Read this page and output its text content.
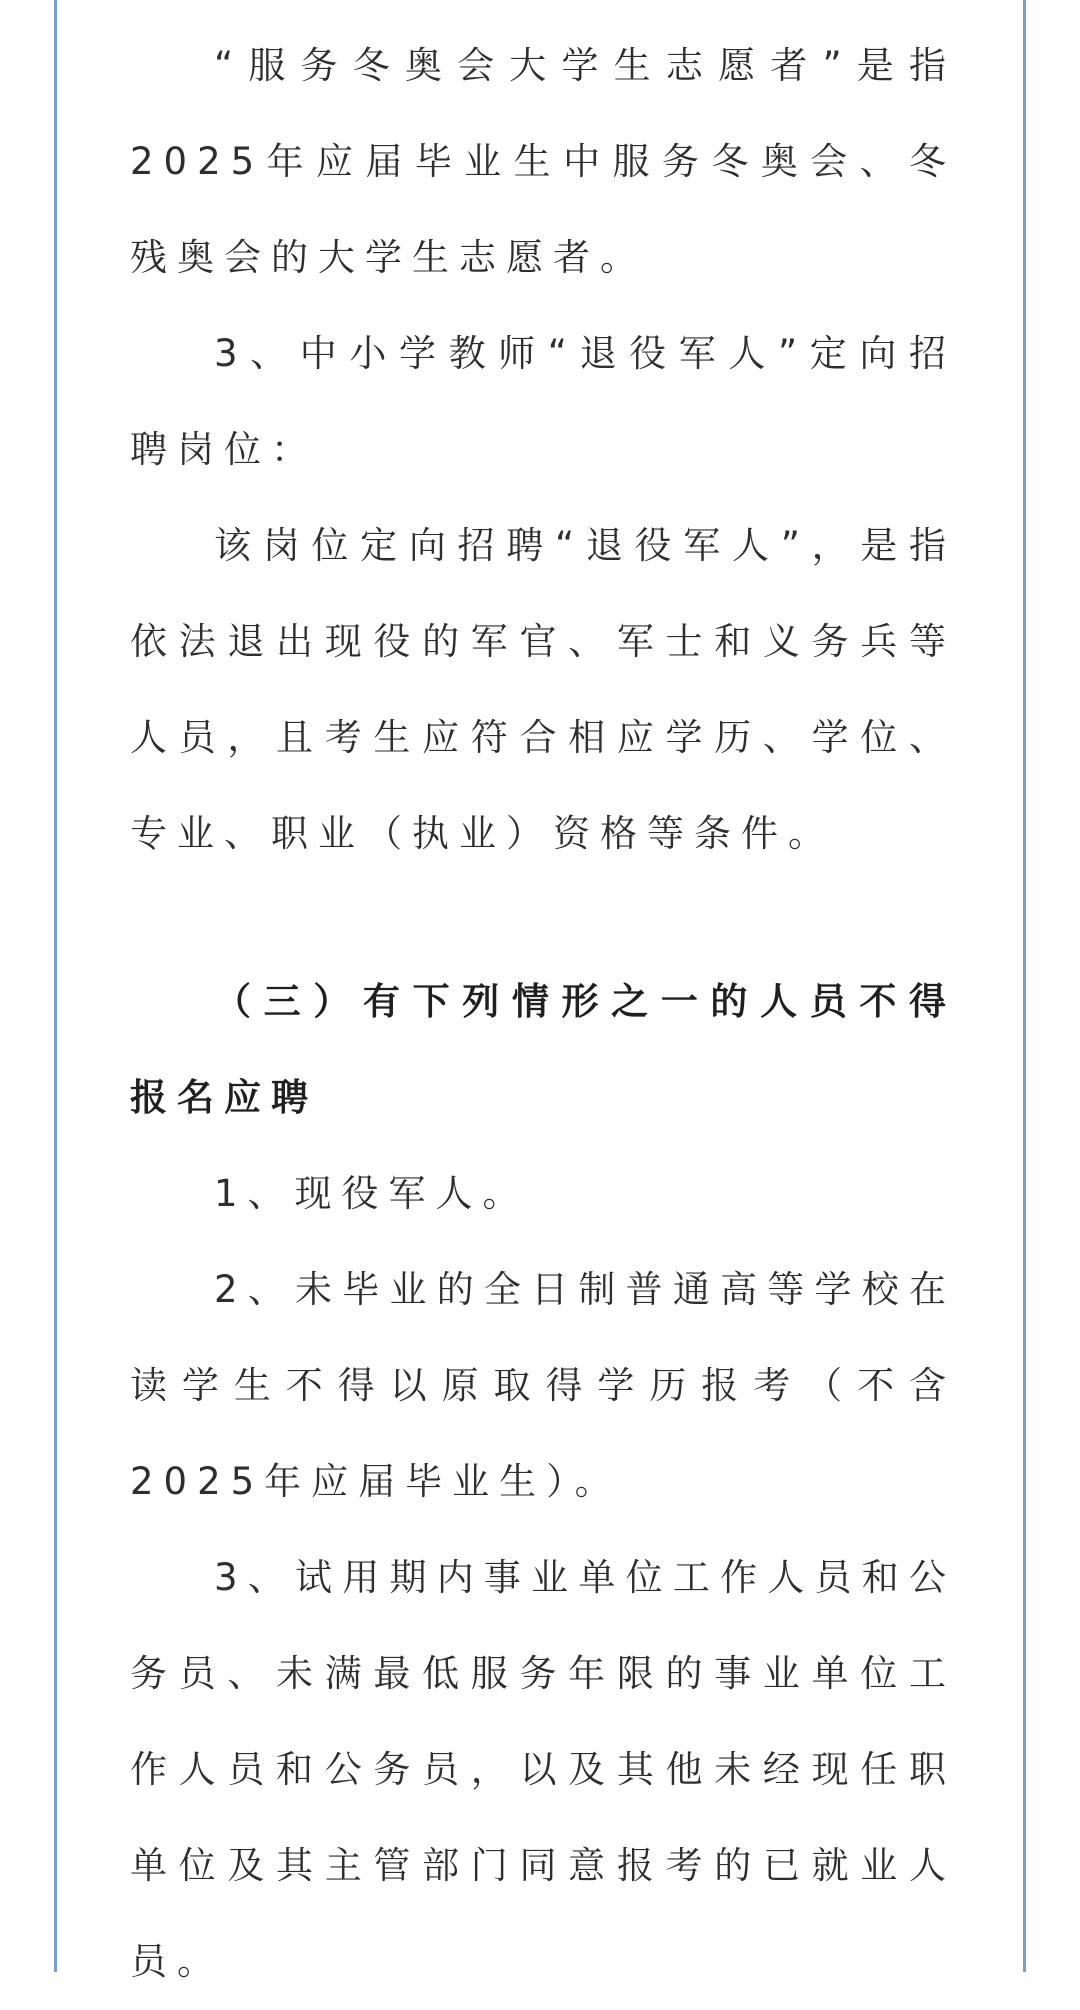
“服务冬奥会大学生志愿者”是指2025年应届毕业生中服务冬奥会、冬残奥会的大学生志愿者。

3、中小学教师“退役军人”定向招聘岗位：

该岗位定向招聘“退役军人”，是指依法退出现役的军官、军士和义务兵等人员，且考生应符合相应学历、学位、专业、职业（执业）资格等条件。

（三）有下列情形之一的人员不得报名应聘

1、现役军人。

2、未毕业的全日制普通高等学校在读学生不得以原取得学历报考（不含2025年应届毕业生）。

3、试用期内事业单位工作人员和公务员、未满最低服务年限的事业单位工作人员和公务员，以及其他未经现任职单位及其主管部门同意报考的已就业人员。
